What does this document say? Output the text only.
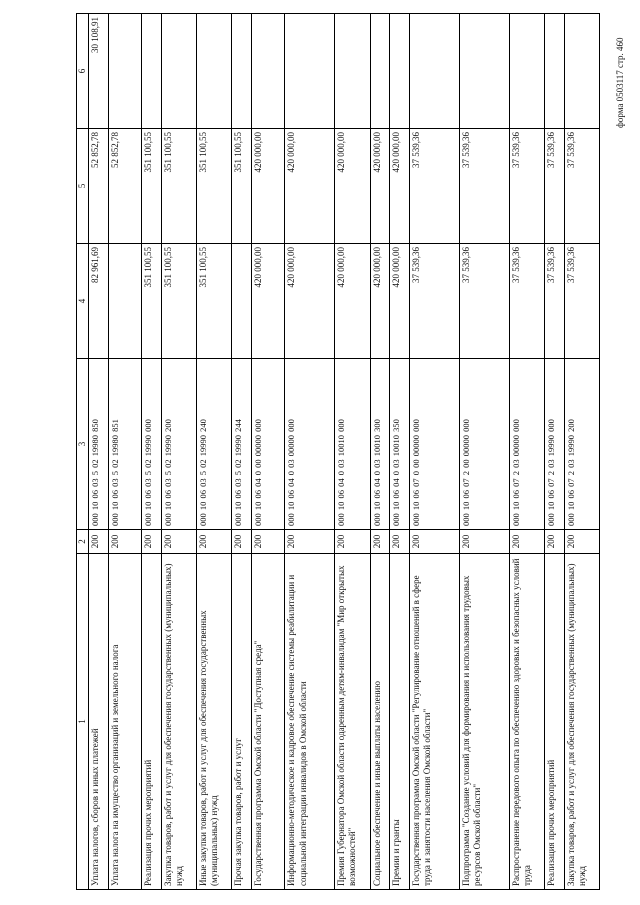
форма 0503117 стр. 460
1	2	3	4	5	6
Уплата налогов, сборов и иных платежей	200	000 10 06 03 5 02 19980 850	82 961,69	52 852,78	30 108,91
Уплата налога на имущество организаций и земельного налога	200	000 10 06 03 5 02 19980 851		52 852,78	
Реализация прочих мероприятий	200	000 10 06 03 5 02 19990 000	351 100,55	351 100,55	
Закупка товаров, работ и услуг для обеспечения государственных (муниципальных) нужд	200	000 10 06 03 5 02 19990 200	351 100,55	351 100,55	
Иные закупки товаров, работ и услуг для обеспечения государственных (муниципальных) нужд	200	000 10 06 03 5 02 19990 240	351 100,55	351 100,55	
Прочая закупка товаров, работ и услуг	200	000 10 06 03 5 02 19990 244		351 100,55	
Государственная программа Омской области "Доступная среда"	200	000 10 06 04 0 00 00000 000	420 000,00	420 000,00	
Информационно-методическое и кадровое обеспечение системы реабилитации и социальной интеграции инвалидов в Омской области	200	000 10 06 04 0 03 00000 000	420 000,00	420 000,00	
Премия Губернатора Омской области одаренным детям-инвалидам "Мир открытых возможностей"	200	000 10 06 04 0 03 10010 000	420 000,00	420 000,00	
Социальное обеспечение и иные выплаты населению	200	000 10 06 04 0 03 10010 300	420 000,00	420 000,00	
Премии и гранты	200	000 10 06 04 0 03 10010 350	420 000,00	420 000,00	
Государственная программа Омской области "Регулирование отношений в сфере труда и занятости населения Омской области"	200	000 10 06 07 0 00 00000 000	37 539,36	37 539,36	
Подпрограмма "Создание условий для формирования и использования трудовых ресурсов Омской области"	200	000 10 06 07 2 00 00000 000	37 539,36	37 539,36	
Распространение передового опыта по обеспечению здоровых и безопасных условий труда	200	000 10 06 07 2 03 00000 000	37 539,36	37 539,36	
Реализация прочих мероприятий	200	000 10 06 07 2 03 19990 000	37 539,36	37 539,36	
Закупка товаров, работ и услуг для обеспечения государственных (муниципальных) нужд	200	000 10 06 07 2 03 19990 200	37 539,36	37 539,36	
